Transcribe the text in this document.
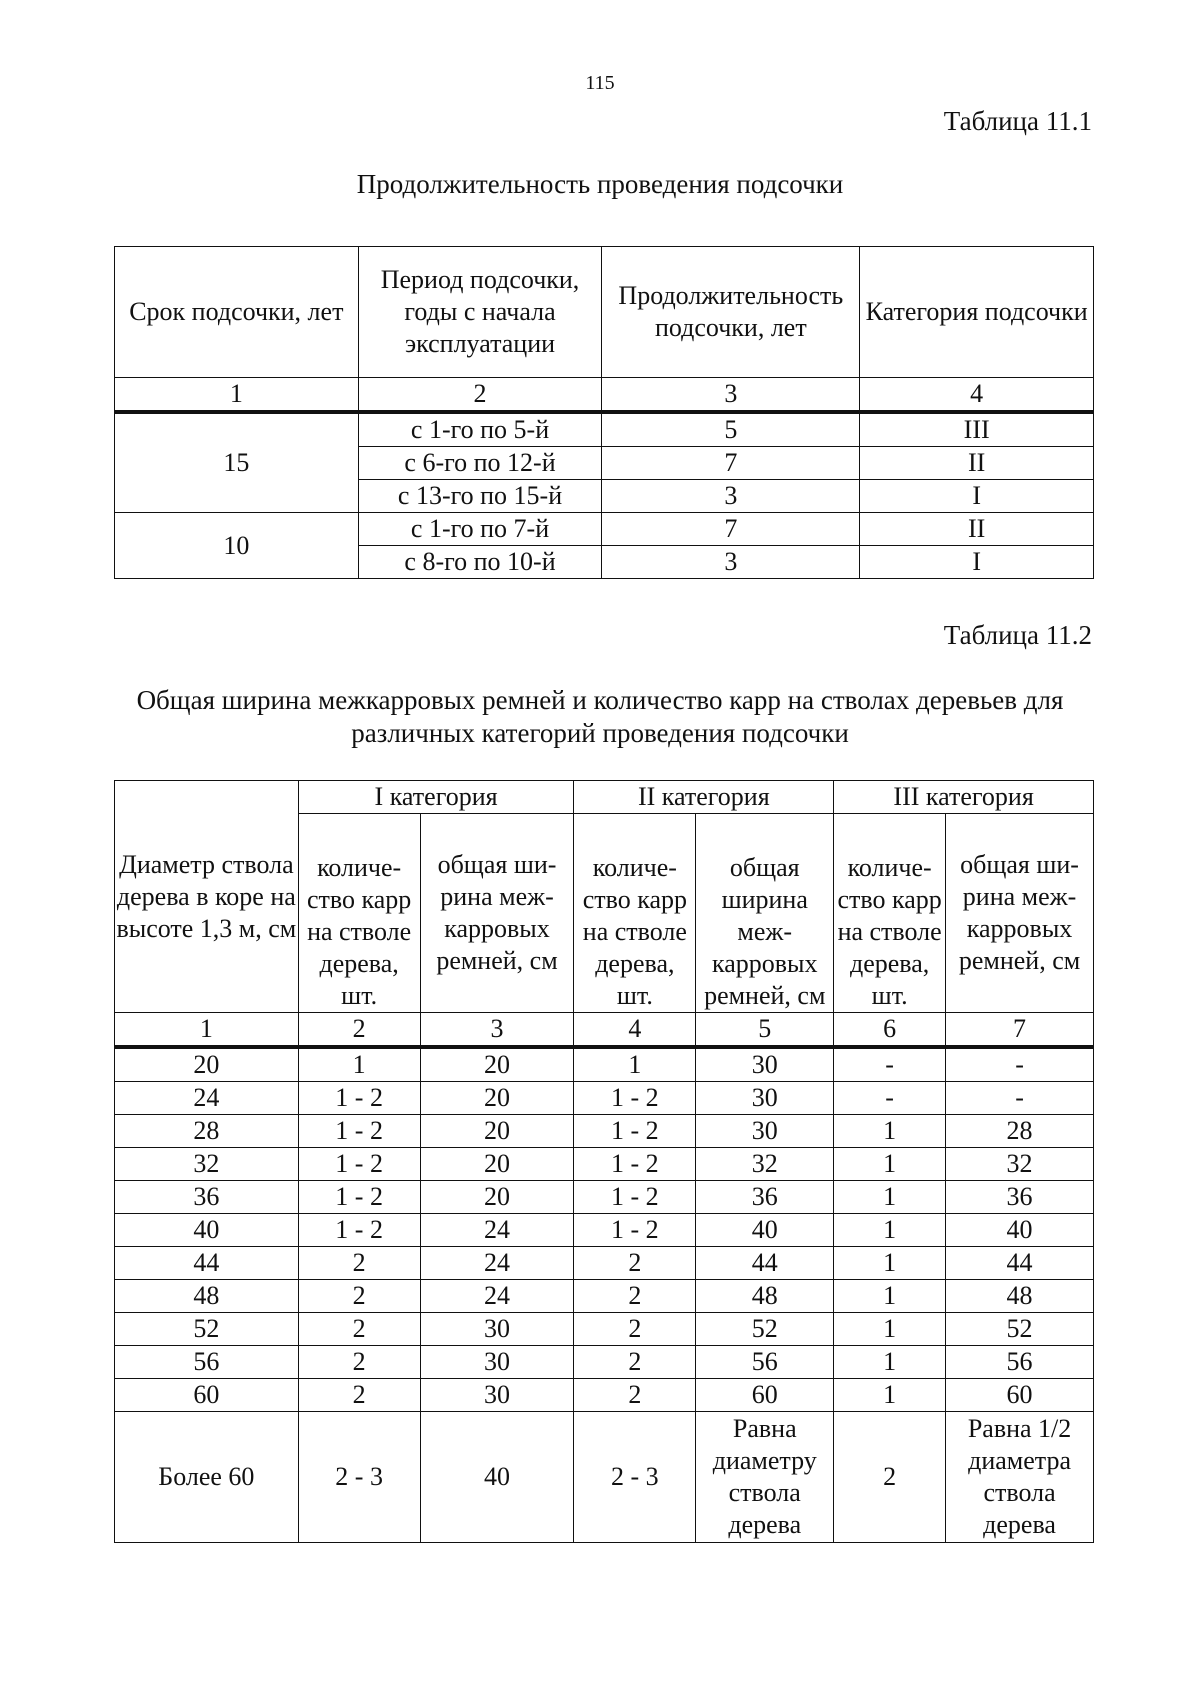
115
Таблица 11.1
Продолжительность проведения подсочки
Срок подсочки, лет	Период подсочки, годы с начала эксплуатации	Продолжительность подсочки, лет	Категория подсочки
1	2	3	4
15	с 1-го по 5-й	5	III
	с 6-го по 12-й	7	II
	с 13-го по 15-й	3	I
10	с 1-го по 7-й	7	II
	с 8-го по 10-й	3	I
Таблица 11.2
Общая ширина межкарровых ремней и количество карр на стволах деревьев для различных категорий проведения подсочки
Диаметр ствола дерева в коре на высоте 1,3 м, см	I категория		II категория		III категория	
	количе-ство карр на стволе дерева, шт.	общая ши-рина меж-карровых ремней, см	количе-ство карр на стволе дерева, шт.	общая ширина меж-карровых ремней, см	количе-ство карр на стволе дерева, шт.	общая ши-рина меж-карровых ремней, см
1	2	3	4	5	6	7
20	1	20	1	30	-	-
24	1 - 2	20	1 - 2	30	-	-
28	1 - 2	20	1 - 2	30	1	28
32	1 - 2	20	1 - 2	32	1	32
36	1 - 2	20	1 - 2	36	1	36
40	1 - 2	24	1 - 2	40	1	40
44	2	24	2	44	1	44
48	2	24	2	48	1	48
52	2	30	2	52	1	52
56	2	30	2	56	1	56
60	2	30	2	60	1	60
Более 60	2 - 3	40	2 - 3	Равна диаметру ствола дерева	2	Равна 1/2 диаметра ствола дерева
